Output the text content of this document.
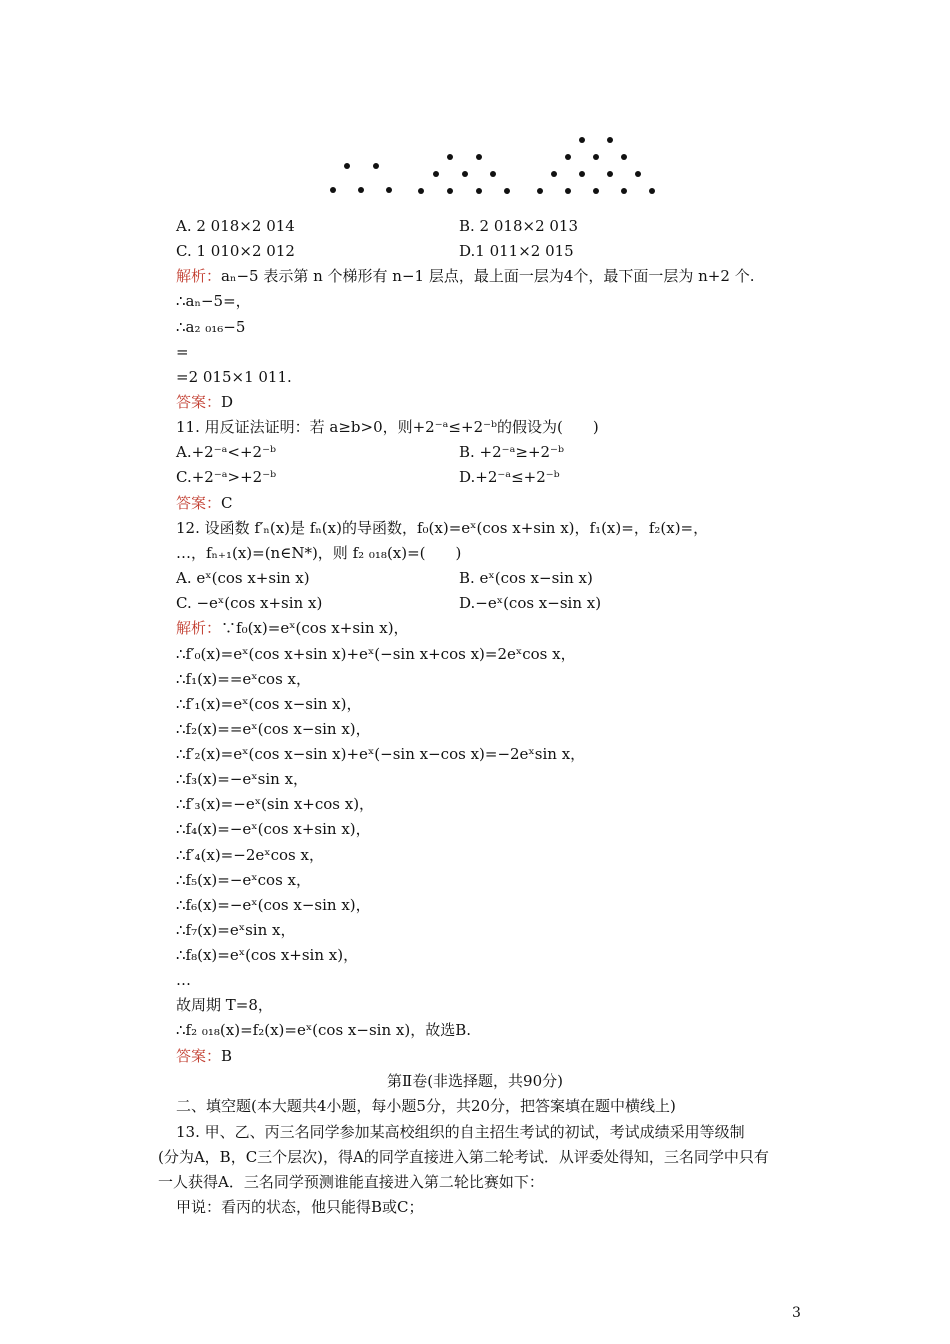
A. 2 018×2 014	B. 2 018×2 013
C. 1 010×2 012	D.1 011×2 015
解析：aₙ−5 表示第 n 个梯形有 n−1 层点，最上面一层为4个，最下面一层为 n+2 个.
∴aₙ−5=，
∴a₂ ₀₁₆−5
=
=2 015×1 011.
答案：D
11. 用反证法证明：若 a≥b>0，则+2⁻ᵃ≤+2⁻ᵇ的假设为(　　)
A.+2⁻ᵃ<+2⁻ᵇ	B. +2⁻ᵃ≥+2⁻ᵇ
C.+2⁻ᵃ>+2⁻ᵇ	D.+2⁻ᵃ≤+2⁻ᵇ
答案：C
12. 设函数 f′ₙ(x)是 fₙ(x)的导函数，f₀(x)=eˣ(cos x+sin x)，f₁(x)=，f₂(x)=，
…，fₙ₊₁(x)=(n∈N*)，则 f₂ ₀₁₈(x)=(　　)
A. eˣ(cos x+sin x)	B. eˣ(cos x−sin x)
C. −eˣ(cos x+sin x)	D.−eˣ(cos x−sin x)
解析：∵f₀(x)=eˣ(cos x+sin x)，
∴f′₀(x)=eˣ(cos x+sin x)+eˣ(−sin x+cos x)=2eˣcos x，
∴f₁(x)==eˣcos x，
∴f′₁(x)=eˣ(cos x−sin x)，
∴f₂(x)==eˣ(cos x−sin x)，
∴f′₂(x)=eˣ(cos x−sin x)+eˣ(−sin x−cos x)=−2eˣsin x，
∴f₃(x)=−eˣsin x，
∴f′₃(x)=−eˣ(sin x+cos x)，
∴f₄(x)=−eˣ(cos x+sin x)，
∴f′₄(x)=−2eˣcos x，
∴f₅(x)=−eˣcos x，
∴f₆(x)=−eˣ(cos x−sin x)，
∴f₇(x)=eˣsin x，
∴f₈(x)=eˣ(cos x+sin x)，
…
故周期 T=8，
∴f₂ ₀₁₈(x)=f₂(x)=eˣ(cos x−sin x)，故选B.
答案：B
第Ⅱ卷(非选择题，共90分)
二、填空题(本大题共4小题，每小题5分，共20分，把答案填在题中横线上)
13. 甲、乙、丙三名同学参加某高校组织的自主招生考试的初试，考试成绩采用等级制
(分为A，B，C三个层次)，得A的同学直接进入第二轮考试．从评委处得知，三名同学中只有
一人获得A．三名同学预测谁能直接进入第二轮比赛如下：
甲说：看丙的状态，他只能得B或C；
3
